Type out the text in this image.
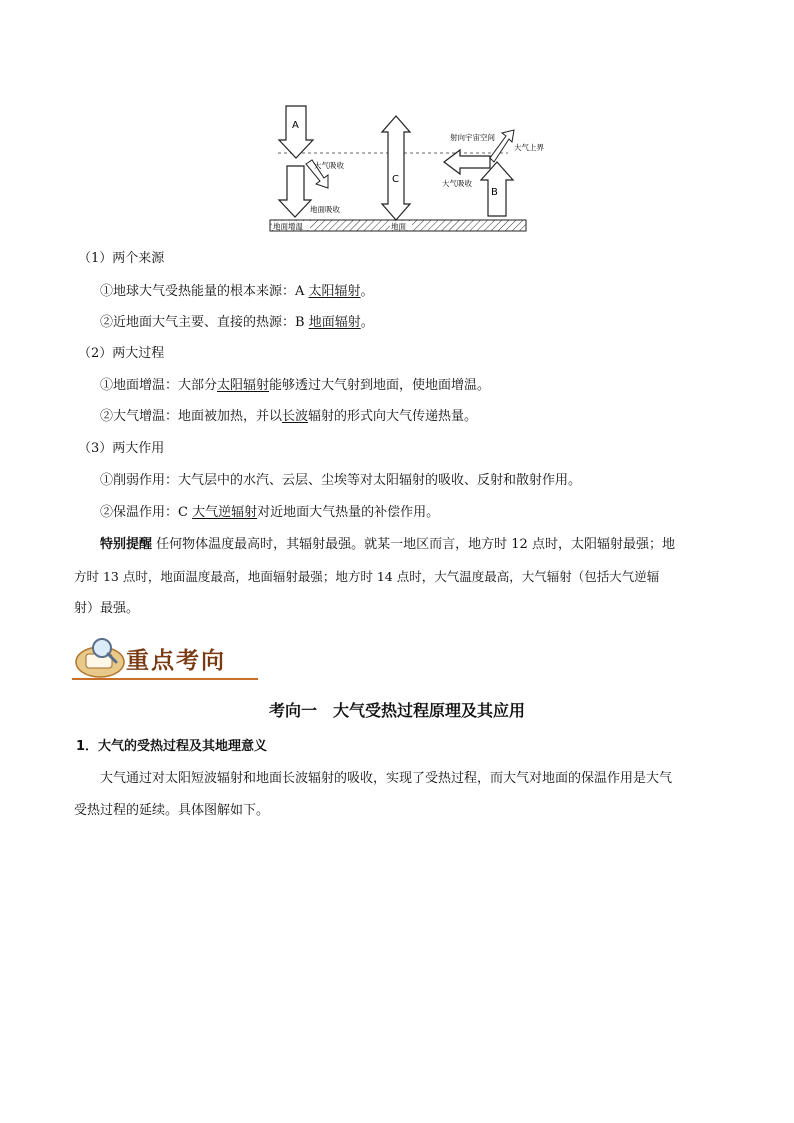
A
大气吸收
地面吸收
C
B
大气吸收
射向宇宙空间
大气上界
地面增温	地面
（1）两个来源
①地球大气受热能量的根本来源：A 太阳辐射。
②近地面大气主要、直接的热源：B 地面辐射。
（2）两大过程
①地面增温：大部分太阳辐射能够透过大气射到地面，使地面增温。
②大气增温：地面被加热，并以长波辐射的形式向大气传递热量。
（3）两大作用
①削弱作用：大气层中的水汽、云层、尘埃等对太阳辐射的吸收、反射和散射作用。
②保温作用：C 大气逆辐射对近地面大气热量的补偿作用。
特别提醒 任何物体温度最高时，其辐射最强。就某一地区而言，地方时 12 点时，太阳辐射最强；地
方时 13 点时，地面温度最高，地面辐射最强；地方时 14 点时，大气温度最高，大气辐射（包括大气逆辐
射）最强。
重点考向
考向一　大气受热过程原理及其应用
1．大气的受热过程及其地理意义
大气通过对太阳短波辐射和地面长波辐射的吸收，实现了受热过程，而大气对地面的保温作用是大气
受热过程的延续。具体图解如下。
